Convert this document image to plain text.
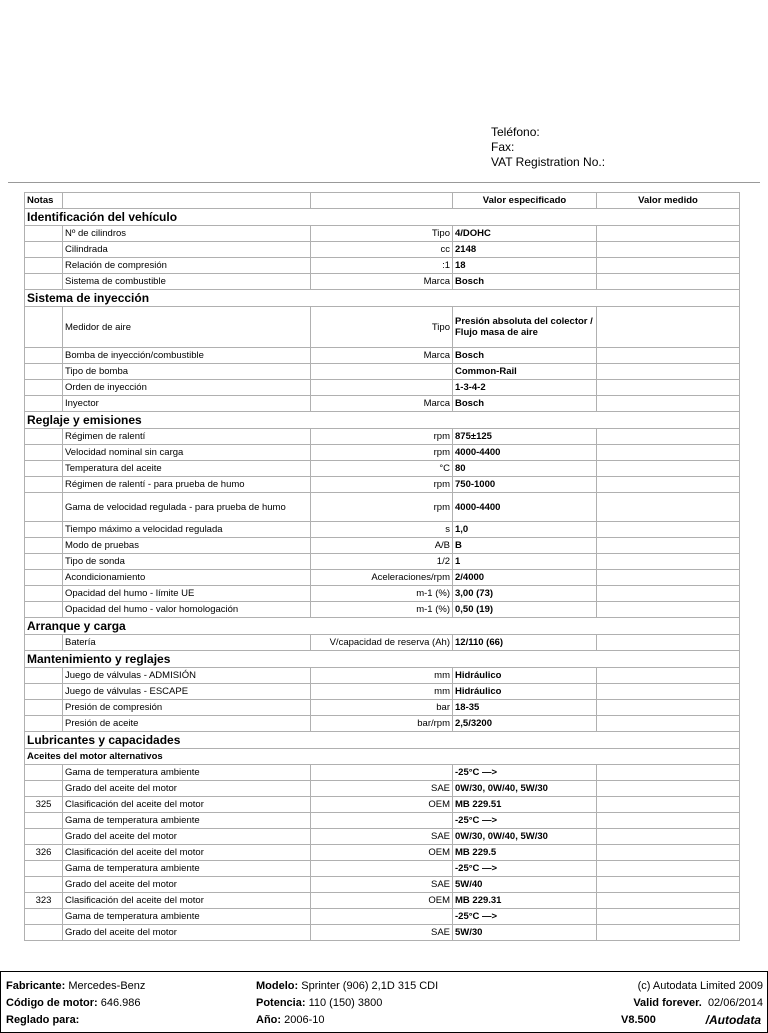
Teléfono:
Fax:
VAT Registration No.:
Notas			Valor especificado	Valor medido
Identificación del vehículo				
	Nº de cilindros	Tipo	4/DOHC	
	Cilindrada	cc	2148	
	Relación de compresión	:1	18	
	Sistema de combustible	Marca	Bosch	
Sistema de inyección				
	Medidor de aire	Tipo	Presión absoluta del colector / Flujo masa de aire	
	Bomba de inyección/combustible	Marca	Bosch	
	Tipo de bomba		Common-Rail	
	Orden de inyección		1-3-4-2	
	Inyector	Marca	Bosch	
Reglaje y emisiones				
	Régimen de ralentí	rpm	875±125	
	Velocidad nominal sin carga	rpm	4000-4400	
	Temperatura del aceite	°C	80	
	Régimen de ralentí - para prueba de humo	rpm	750-1000	
	Gama de velocidad regulada - para prueba de humo	rpm	4000-4400	
	Tiempo máximo a velocidad regulada	s	1,0	
	Modo de pruebas	A/B	B	
	Tipo de sonda	1/2	1	
	Acondicionamiento	Aceleraciones/rpm	2/4000	
	Opacidad del humo - límite UE	m-1 (%)	3,00 (73)	
	Opacidad del humo - valor homologación	m-1 (%)	0,50 (19)	
Arranque y carga				
	Batería	V/capacidad de reserva (Ah)	12/110 (66)	
Mantenimiento y reglajes				
	Juego de válvulas - ADMISIÓN	mm	Hidráulico	
	Juego de válvulas - ESCAPE	mm	Hidráulico	
	Presión de compresión	bar	18-35	
	Presión de aceite	bar/rpm	2,5/3200	
Lubricantes y capacidades				
Aceites del motor alternativos				
	Gama de temperatura ambiente		-25°C —>	
	Grado del aceite del motor	SAE	0W/30, 0W/40, 5W/30	
325	Clasificación del aceite del motor	OEM	MB 229.51	
	Gama de temperatura ambiente		-25°C —>	
	Grado del aceite del motor	SAE	0W/30, 0W/40, 5W/30	
326	Clasificación del aceite del motor	OEM	MB 229.5	
	Gama de temperatura ambiente		-25°C —>	
	Grado del aceite del motor	SAE	5W/40	
323	Clasificación del aceite del motor	OEM	MB 229.31	
	Gama de temperatura ambiente		-25°C —>	
	Grado del aceite del motor	SAE	5W/30	
Fabricante: Mercedes-Benz
Código de motor: 646.986
Reglado para:
Modelo: Sprinter (906) 2,1D 315 CDI
Potencia: 110 (150) 3800
Año: 2006-10
(c) Autodata Limited 2009
Valid forever. 02/06/2014
V8.500	/Autodata
